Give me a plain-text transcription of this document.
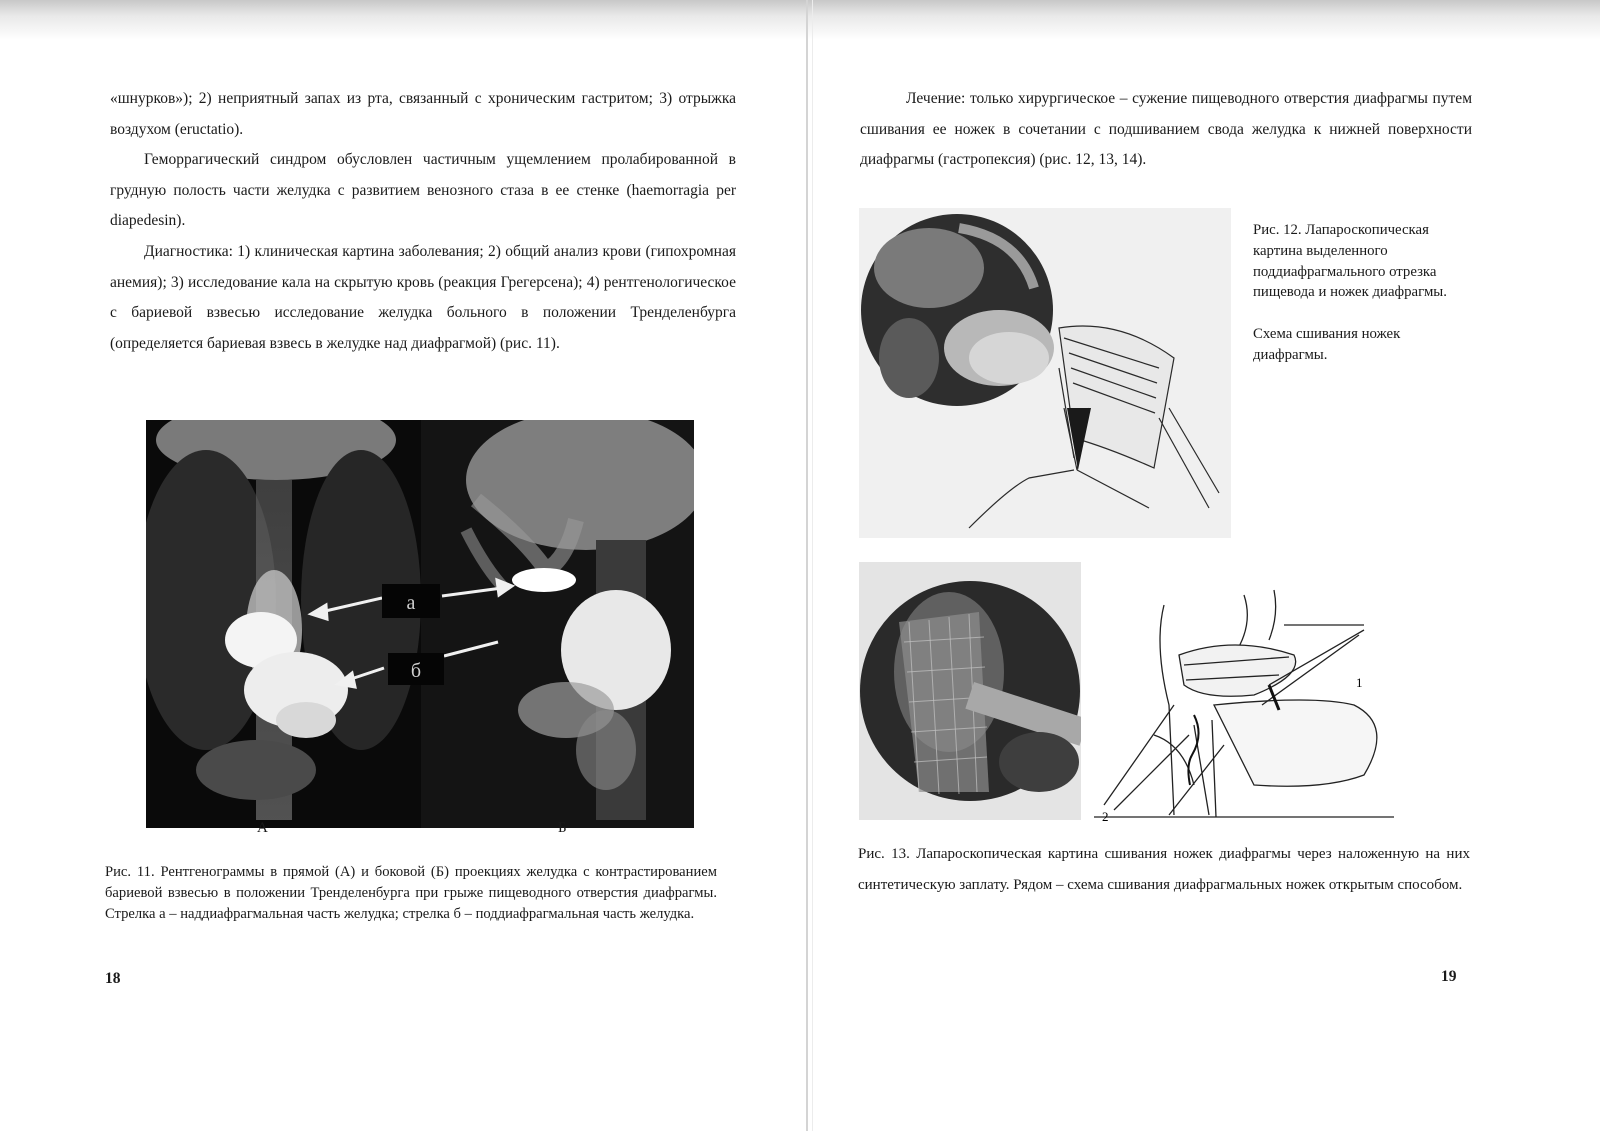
«шнурков»); 2) неприятный запах из рта, связанный с хроническим гастритом; 3) отрыжка воздухом (eructatio).

Геморрагический синдром обусловлен частичным ущемлением пролабированной в грудную полость части желудка с развитием венозного стаза в ее стенке (haemorragia per diapedesin).

Диагностика: 1) клиническая картина заболевания; 2) общий анализ крови (гипохромная анемия); 3) исследование кала на скрытую кровь (реакция Грегерсена); 4) рентгенологическое с бариевой взвесью исследование желудка больного в положении Тренделенбурга (определяется бариевая взвесь в желудке над диафрагмой) (рис. 11).

а
б
А	Б

Рис. 11. Рентгенограммы в прямой (А) и боковой (Б) проекциях желудка с контрастированием бариевой взвесью в положении Тренделенбурга при грыже пищеводного отверстия диафрагмы. Стрелка а – наддиафрагмальная часть желудка; стрелка б – поддиафрагмальная часть желудка.

18

Лечение: только хирургическое – сужение пищеводного отверстия диафрагмы путем сшивания ее ножек в сочетании с подшиванием свода желудка к нижней поверхности диафрагмы (гастропексия) (рис. 12, 13, 14).

Рис. 12. Лапароскопическая картина выделенного поддиафрагмального отрезка пищевода и ножек диафрагмы.

Схема сшивания ножек диафрагмы.

1
2

Рис. 13. Лапароскопическая картина сшивания ножек диафрагмы через наложенную на них синтетическую заплату. Рядом – схема сшивания диафрагмальных ножек открытым способом.

19
